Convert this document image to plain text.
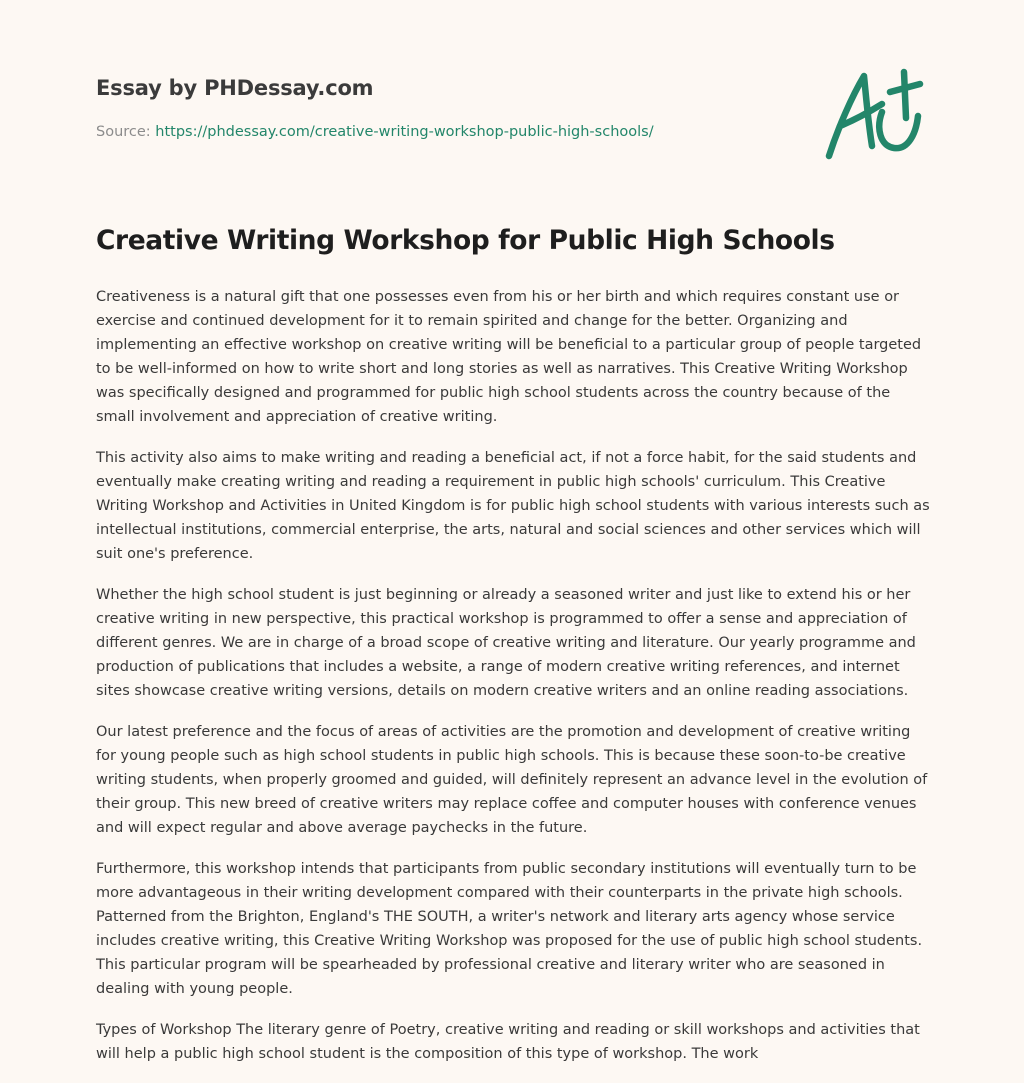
Essay by PHDessay.com
Source: https://phdessay.com/creative-writing-workshop-public-high-schools/
Creative Writing Workshop for Public High Schools

Creativeness is a natural gift that one possesses even from his or her birth and which requires constant use or exercise and continued development for it to remain spirited and change for the better. Organizing and implementing an effective workshop on creative writing will be beneficial to a particular group of people targeted to be well-informed on how to write short and long stories as well as narratives. This Creative Writing Workshop was specifically designed and programmed for public high school students across the country because of the small involvement and appreciation of creative writing.

This activity also aims to make writing and reading a beneficial act, if not a force habit, for the said students and eventually make creating writing and reading a requirement in public high schools' curriculum. This Creative Writing Workshop and Activities in United Kingdom is for public high school students with various interests such as intellectual institutions, commercial enterprise, the arts, natural and social sciences and other services which will suit one's preference.

Whether the high school student is just beginning or already a seasoned writer and just like to extend his or her creative writing in new perspective, this practical workshop is programmed to offer a sense and appreciation of different genres. We are in charge of a broad scope of creative writing and literature. Our yearly programme and production of publications that includes a website, a range of modern creative writing references, and internet sites showcase creative writing versions, details on modern creative writers and an online reading associations.

Our latest preference and the focus of areas of activities are the promotion and development of creative writing for young people such as high school students in public high schools. This is because these soon-to-be creative writing students, when properly groomed and guided, will definitely represent an advance level in the evolution of their group. This new breed of creative writers may replace coffee and computer houses with conference venues and will expect regular and above average paychecks in the future.

Furthermore, this workshop intends that participants from public secondary institutions will eventually turn to be more advantageous in their writing development compared with their counterparts in the private high schools. Patterned from the Brighton, England's THE SOUTH, a writer's network and literary arts agency whose service includes creative writing, this Creative Writing Workshop was proposed for the use of public high school students. This particular program will be spearheaded by professional creative and literary writer who are seasoned in dealing with young people.

Types of Workshop The literary genre of Poetry, creative writing and reading or skill workshops and activities that will help a public high school student is the composition of this type of workshop. The work
